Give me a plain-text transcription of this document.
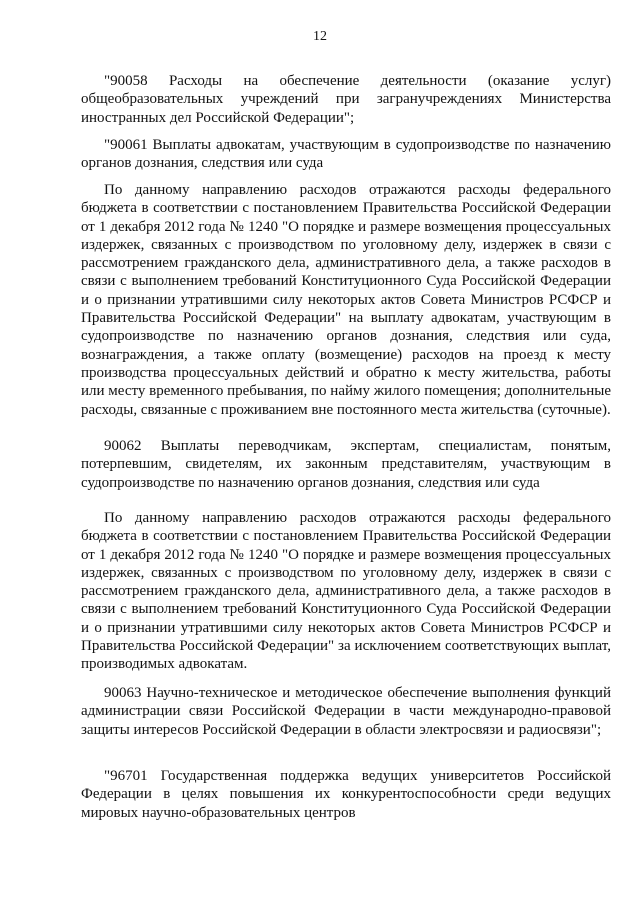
12

"90058 Расходы на обеспечение деятельности (оказание услуг) общеобразовательных учреждений при загранучреждениях Министерства иностранных дел Российской Федерации";

"90061 Выплаты адвокатам, участвующим в судопроизводстве по назначению органов дознания, следствия или суда

По данному направлению расходов отражаются расходы федерального бюджета в соответствии с постановлением Правительства Российской Федерации от 1 декабря 2012 года № 1240 "О порядке и размере возмещения процессуальных издержек, связанных с производством по уголовному делу, издержек в связи с рассмотрением гражданского дела, административного дела, а также расходов в связи с выполнением требований Конституционного Суда Российской Федерации и о признании утратившими силу некоторых актов Совета Министров РСФСР и Правительства Российской Федерации" на выплату адвокатам, участвующим в судопроизводстве по назначению органов дознания, следствия или суда, вознаграждения, а также оплату (возмещение) расходов на проезд к месту производства процессуальных действий и обратно к месту жительства, работы или месту временного пребывания, по найму жилого помещения; дополнительные расходы, связанные с проживанием вне постоянного места жительства (суточные).

90062 Выплаты переводчикам, экспертам, специалистам, понятым, потерпевшим, свидетелям, их законным представителям, участвующим в судопроизводстве по назначению органов дознания, следствия или суда

По данному направлению расходов отражаются расходы федерального бюджета в соответствии с постановлением Правительства Российской Федерации от 1 декабря 2012 года № 1240 "О порядке и размере возмещения процессуальных издержек, связанных с производством по уголовному делу, издержек в связи с рассмотрением гражданского дела, административного дела, а также расходов в связи с выполнением требований Конституционного Суда Российской Федерации и о признании утратившими силу некоторых актов Совета Министров РСФСР и Правительства Российской Федерации" за исключением соответствующих выплат, производимых адвокатам.

90063 Научно-техническое и методическое обеспечение выполнения функций администрации связи Российской Федерации в части международно-правовой защиты интересов Российской Федерации в области электросвязи и радиосвязи";

"96701 Государственная поддержка ведущих университетов Российской Федерации в целях повышения их конкурентоспособности среди ведущих мировых научно-образовательных центров
